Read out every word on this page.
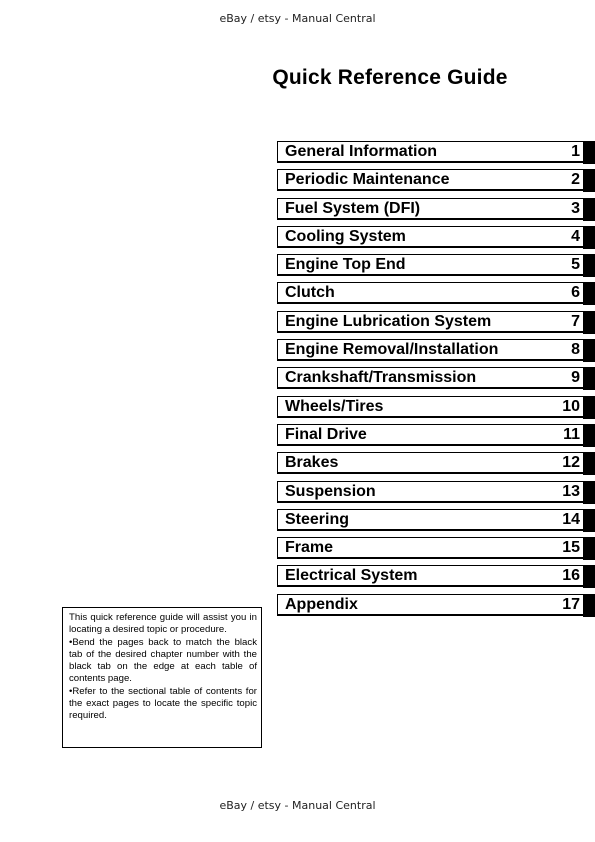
eBay / etsy - Manual Central
Quick Reference Guide
General Information	1
Periodic Maintenance	2
Fuel System (DFI)	3
Cooling System	4
Engine Top End	5
Clutch	6
Engine Lubrication System	7
Engine Removal/Installation	8
Crankshaft/Transmission	9
Wheels/Tires	10
Final Drive	11
Brakes	12
Suspension	13
Steering	14
Frame	15
Electrical System	16
Appendix	17

This quick reference guide will assist you in locating a desired topic or procedure.

•Bend the pages back to match the black tab of the desired chapter number with the black tab on the edge at each table of contents page.

•Refer to the sectional table of contents for the exact pages to locate the specific topic required.

eBay / etsy - Manual Central
